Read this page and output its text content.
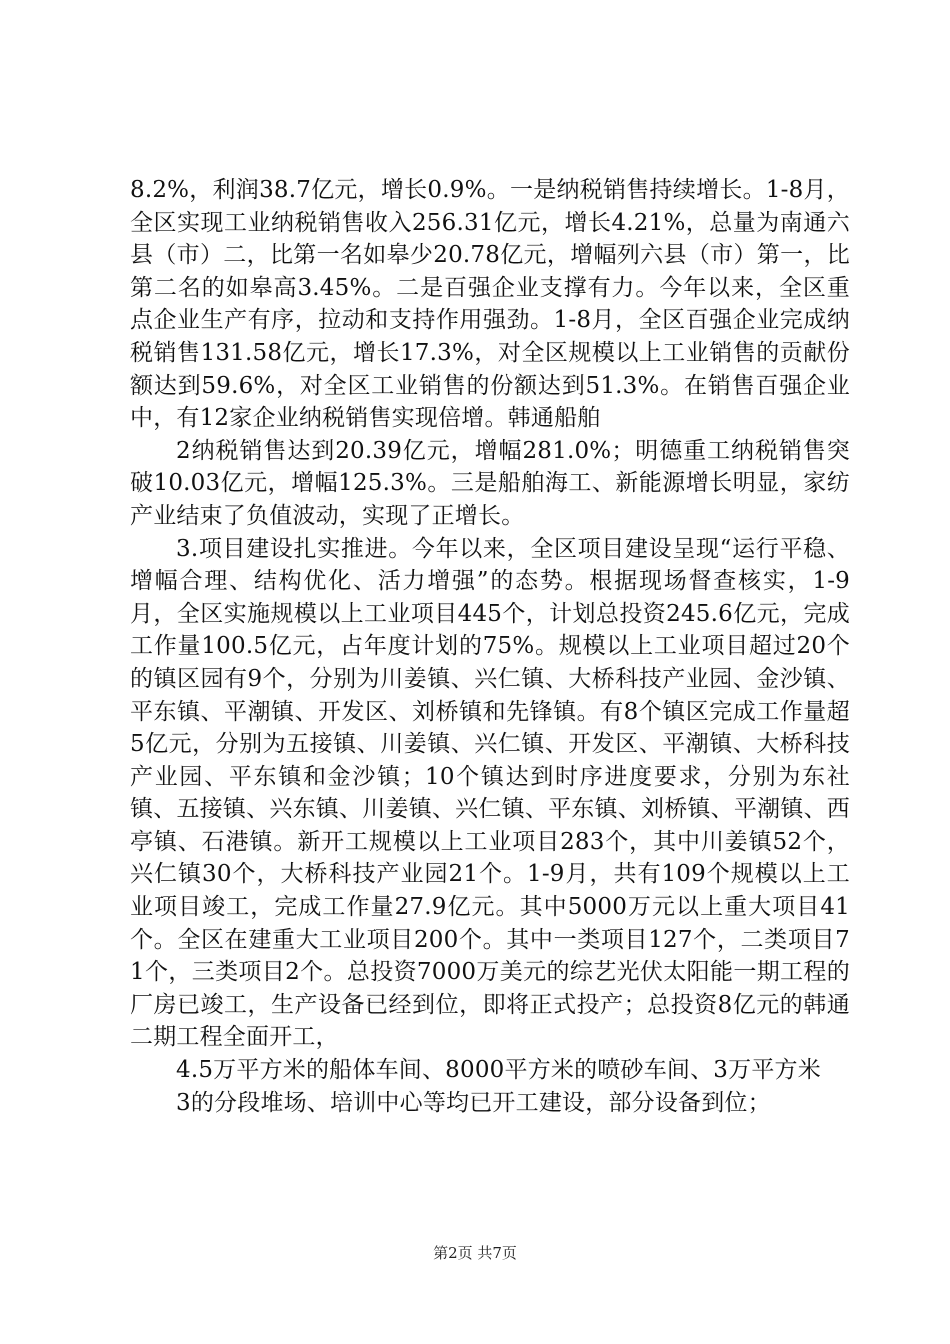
8.2%，利润38.7亿元，增长0.9%。一是纳税销售持续增长。1-8月，全区实现工业纳税销售收入256.31亿元，增长4.21%，总量为南通六县（市）二，比第一名如皋少20.78亿元，增幅列六县（市）第一，比第二名的如皋高3.45%。二是百强企业支撑有力。今年以来，全区重点企业生产有序，拉动和支持作用强劲。1-8月，全区百强企业完成纳税销售131.58亿元，增长17.3%，对全区规模以上工业销售的贡献份额达到59.6%，对全区工业销售的份额达到51.3%。在销售百强企业中，有12家企业纳税销售实现倍增。韩通船舶

2纳税销售达到20.39亿元，增幅281.0%；明德重工纳税销售突破10.03亿元，增幅125.3%。三是船舶海工、新能源增长明显，家纺产业结束了负值波动，实现了正增长。

3.项目建设扎实推进。今年以来，全区项目建设呈现“运行平稳、增幅合理、结构优化、活力增强”的态势。根据现场督查核实，1-9月，全区实施规模以上工业项目445个，计划总投资245.6亿元，完成工作量100.5亿元，占年度计划的75%。规模以上工业项目超过20个的镇区园有9个，分别为川姜镇、兴仁镇、大桥科技产业园、金沙镇、平东镇、平潮镇、开发区、刘桥镇和先锋镇。有8个镇区完成工作量超5亿元，分别为五接镇、川姜镇、兴仁镇、开发区、平潮镇、大桥科技产业园、平东镇和金沙镇；10个镇达到时序进度要求，分别为东社镇、五接镇、兴东镇、川姜镇、兴仁镇、平东镇、刘桥镇、平潮镇、西亭镇、石港镇。新开工规模以上工业项目283个，其中川姜镇52个，兴仁镇30个，大桥科技产业园21个。1-9月，共有109个规模以上工业项目竣工，完成工作量27.9亿元。其中5000万元以上重大项目41个。全区在建重大工业项目200个。其中一类项目127个，二类项目71个，三类项目2个。总投资7000万美元的综艺光伏太阳能一期工程的厂房已竣工，生产设备已经到位，即将正式投产；总投资8亿元的韩通二期工程全面开工，

4.5万平方米的船体车间、8000平方米的喷砂车间、3万平方米

3的分段堆场、培训中心等均已开工建设，部分设备到位；

第2页 共7页
